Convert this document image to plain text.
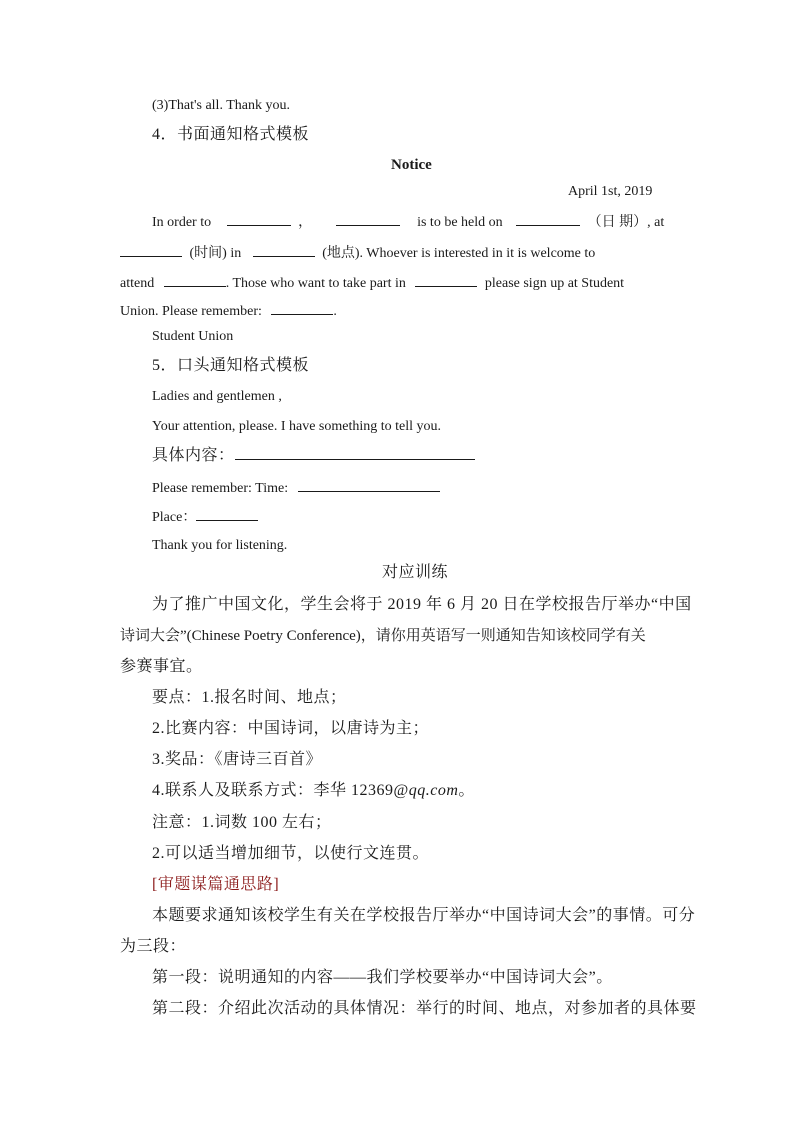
(3)That's all. Thank you.
4．书面通知格式模板
Notice
April 1st, 2019
In order to	，	is to be held on	（日 期）, at
(时间) in	(地点). Whoever is interested in it is welcome to
attend	. Those who want to take part in	please sign up at Student
Union. Please remember:	.
Student Union
5．口头通知格式模板
Ladies and gentlemen ,
Your attention, please. I have something to tell you.
具体内容：
Please remember: Time:
Place：
Thank you for listening.
对应训练
为了推广中国文化，学生会将于 2019 年 6 月 20 日在学校报告厅举办“中国
诗词大会”(Chinese Poetry Conference)，请你用英语写一则通知告知该校同学有关
参赛事宜。
要点：1.报名时间、地点；
2.比赛内容：中国诗词，以唐诗为主；
3.奖品：《唐诗三百首》
4.联系人及联系方式：李华 12369@qq.com。
注意：1.词数 100 左右；
2.可以适当增加细节，以使行文连贯。
[审题谋篇通思路]
本题要求通知该校学生有关在学校报告厅举办“中国诗词大会”的事情。可分
为三段：
第一段：说明通知的内容——我们学校要举办“中国诗词大会”。
第二段：介绍此次活动的具体情况：举行的时间、地点，对参加者的具体要
